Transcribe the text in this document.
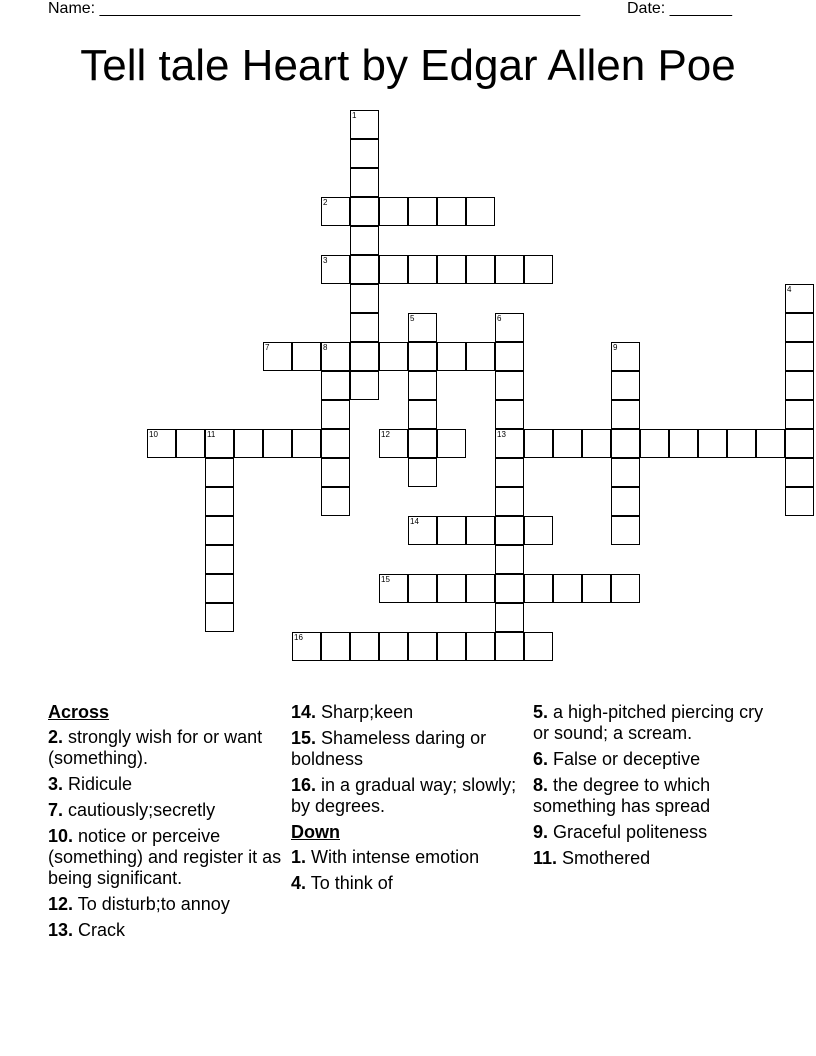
Name: ______________________________________________________	Date: _______
Tell tale Heart by Edgar Allen Poe
1
2
3
4
5	6
7	8	9
10	11	12	13
14
15
16
Across
2. strongly wish for or want (something).
3. Ridicule
7. cautiously;secretly
10. notice or perceive (something) and register it as being significant.
12. To disturb;to annoy
13. Crack
14. Sharp;keen
15. Shameless daring or boldness
16. in a gradual way; slowly; by degrees.
Down
1. With intense emotion
4. To think of
5. a high-pitched piercing cry or sound; a scream.
6. False or deceptive
8. the degree to which something has spread
9. Graceful politeness
11. Smothered
